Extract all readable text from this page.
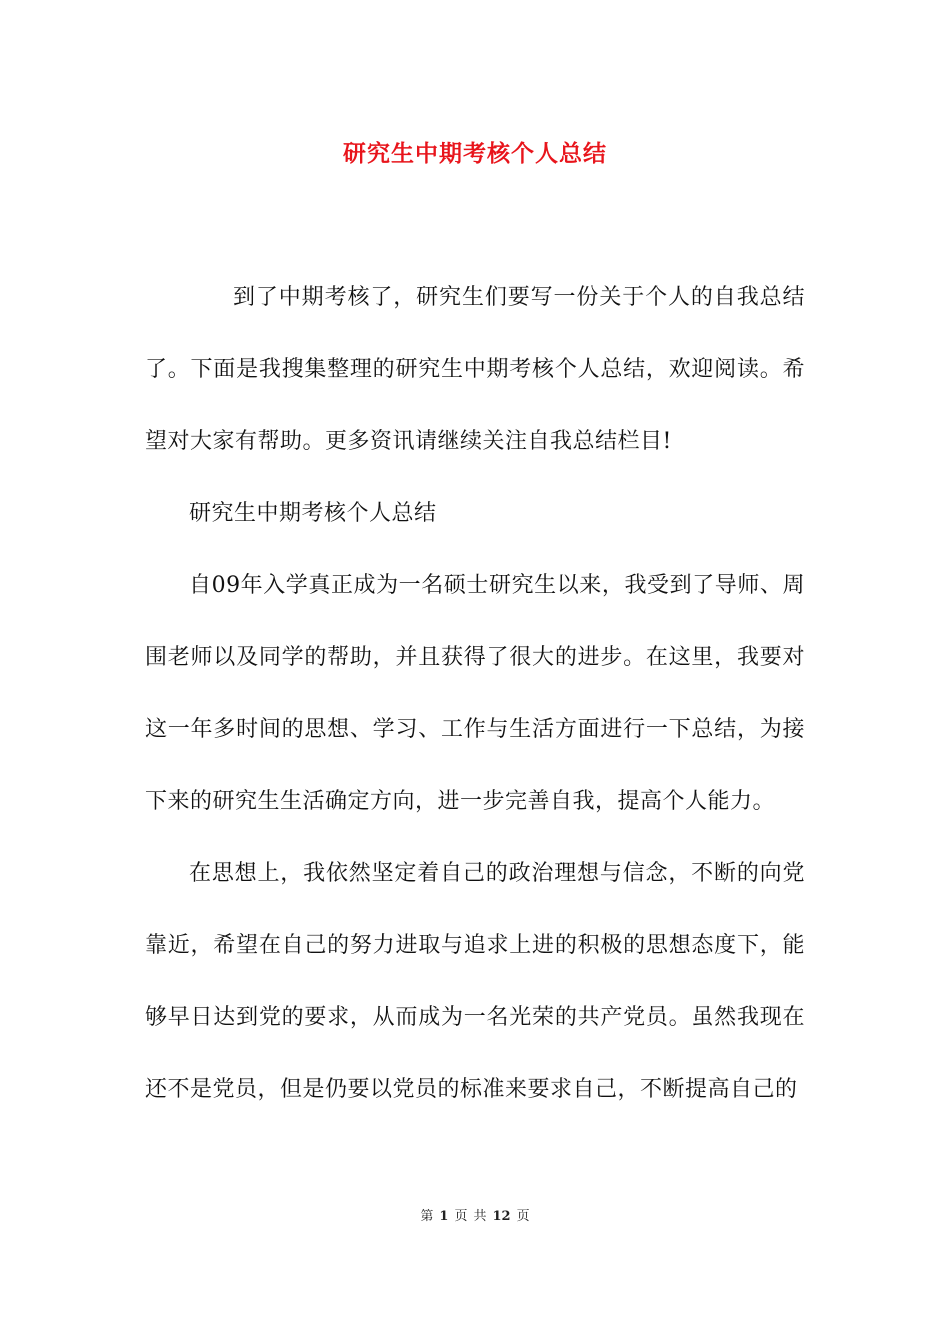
研究生中期考核个人总结

到了中期考核了，研究生们要写一份关于个人的自我总结了。下面是我搜集整理的研究生中期考核个人总结，欢迎阅读。希望对大家有帮助。更多资讯请继续关注自我总结栏目!

研究生中期考核个人总结

自09年入学真正成为一名硕士研究生以来，我受到了导师、周围老师以及同学的帮助，并且获得了很大的进步。在这里，我要对这一年多时间的思想、学习、工作与生活方面进行一下总结，为接下来的研究生生活确定方向，进一步完善自我，提高个人能力。

在思想上，我依然坚定着自己的政治理想与信念，不断的向党靠近，希望在自己的努力进取与追求上进的积极的思想态度下，能够早日达到党的要求，从而成为一名光荣的共产党员。虽然我现在还不是党员，但是仍要以党员的标准来要求自己，不断提高自己的

第 1 页 共 12 页
